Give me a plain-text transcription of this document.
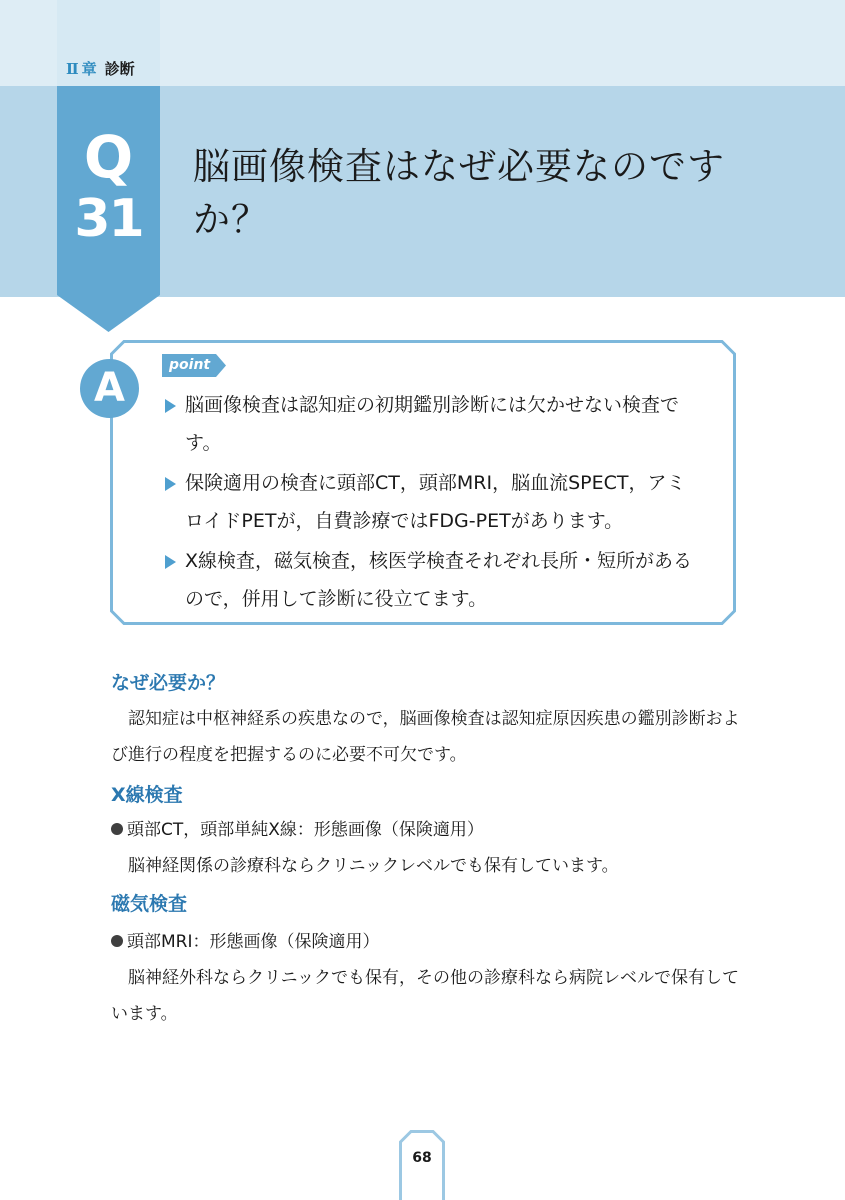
Ⅱ 章 診断
Q
31
脳画像検査はなぜ必要なのですか？
A	point
脳画像検査は認知症の初期鑑別診断には欠かせない検査です。
保険適用の検査に頭部CT，頭部MRI，脳血流SPECT，アミロイドPETが，自費診療ではFDG-PETがあります。
X線検査，磁気検査，核医学検査それぞれ長所・短所があるので，併用して診断に役立てます。
なぜ必要か？
認知症は中枢神経系の疾患なので，脳画像検査は認知症原因疾患の鑑別診断および進行の程度を把握するのに必要不可欠です。
X線検査
頭部CT，頭部単純X線：形態画像（保険適用）
脳神経関係の診療科ならクリニックレベルでも保有しています。
磁気検査
頭部MRI：形態画像（保険適用）
脳神経外科ならクリニックでも保有，その他の診療科なら病院レベルで保有しています。
68
